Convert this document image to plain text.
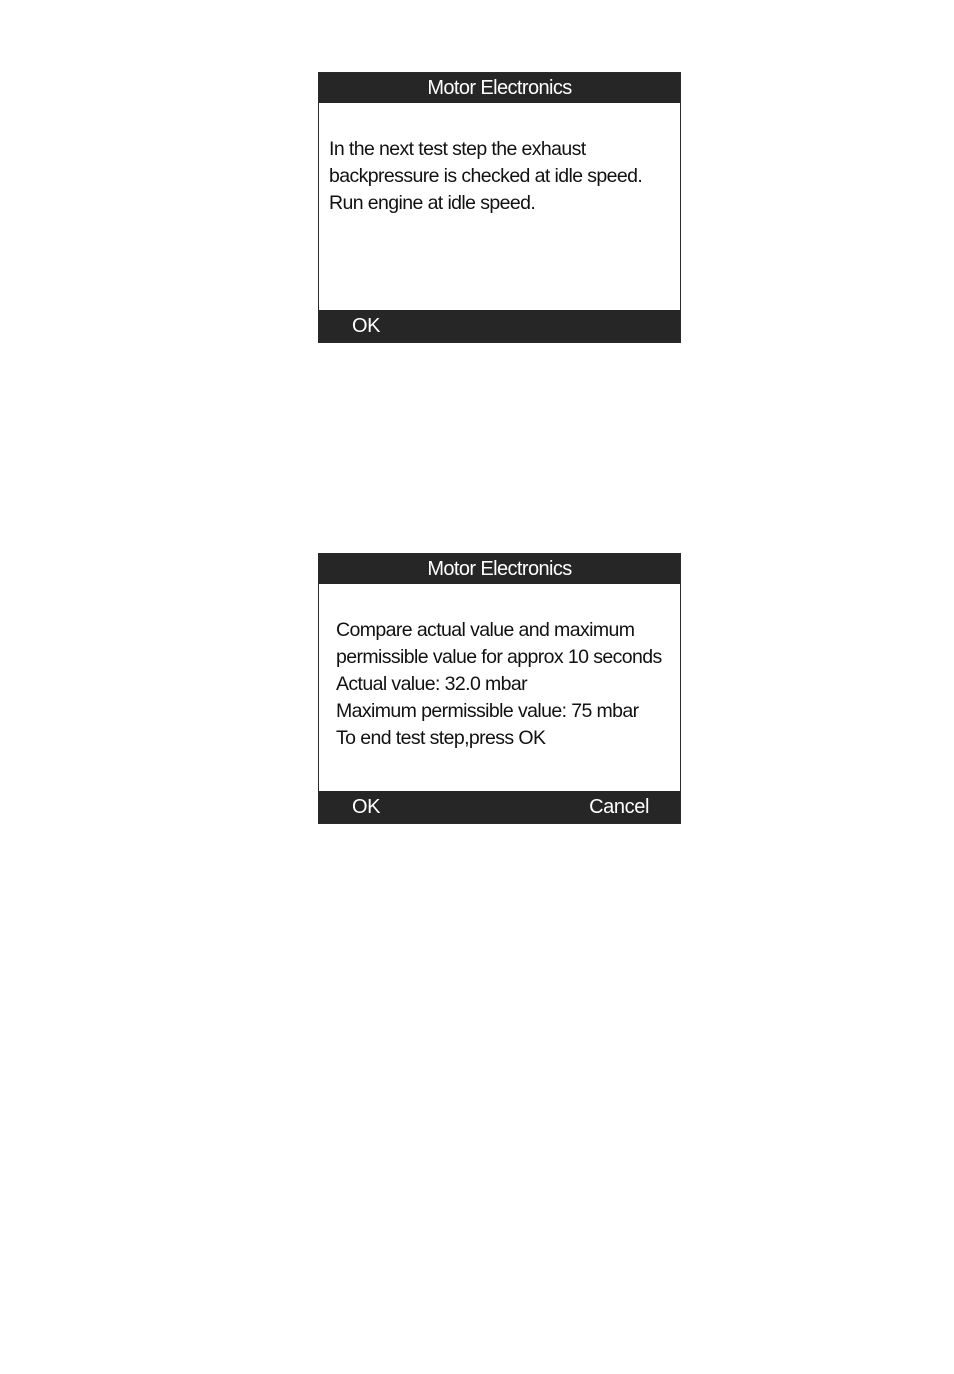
Motor Electronics
In the next test step the exhaust
backpressure is checked at idle speed.
Run engine at idle speed.
OK
Motor Electronics
Compare actual value and maximum
permissible value for approx 10 seconds
Actual value: 32.0 mbar
Maximum permissible value: 75 mbar
To end test step,press OK
OK	Cancel
